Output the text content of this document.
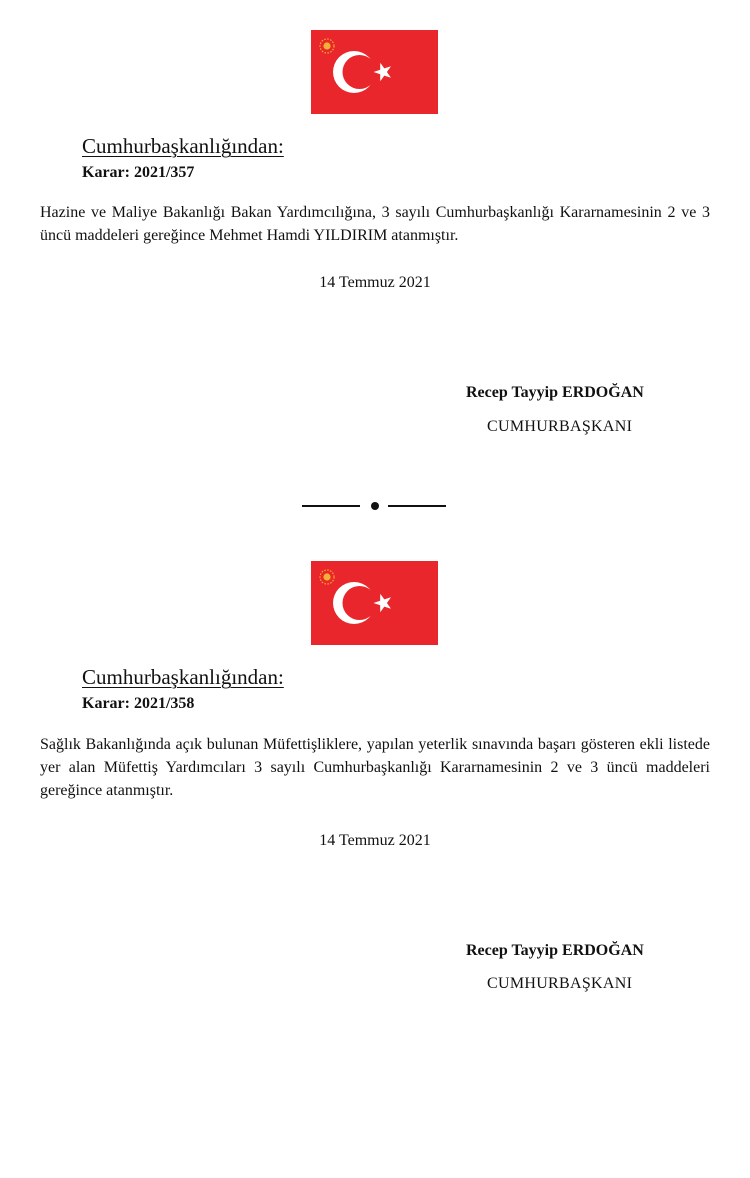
Cumhurbaşkanlığından:
Karar: 2021/357
Hazine ve Maliye Bakanlığı Bakan Yardımcılığına, 3 sayılı Cumhurbaşkanlığı Kararnamesinin 2 ve 3 üncü maddeleri gereğince Mehmet Hamdi YILDIRIM atanmıştır.
14 Temmuz 2021
Recep Tayyip ERDOĞAN
CUMHURBAŞKANI
Cumhurbaşkanlığından:
Karar: 2021/358
Sağlık Bakanlığında açık bulunan Müfettişliklere, yapılan yeterlik sınavında başarı gösteren ekli listede yer alan Müfettiş Yardımcıları 3 sayılı Cumhurbaşkanlığı Kararnamesinin 2 ve 3 üncü maddeleri gereğince atanmıştır.
14 Temmuz 2021
Recep Tayyip ERDOĞAN
CUMHURBAŞKANI
